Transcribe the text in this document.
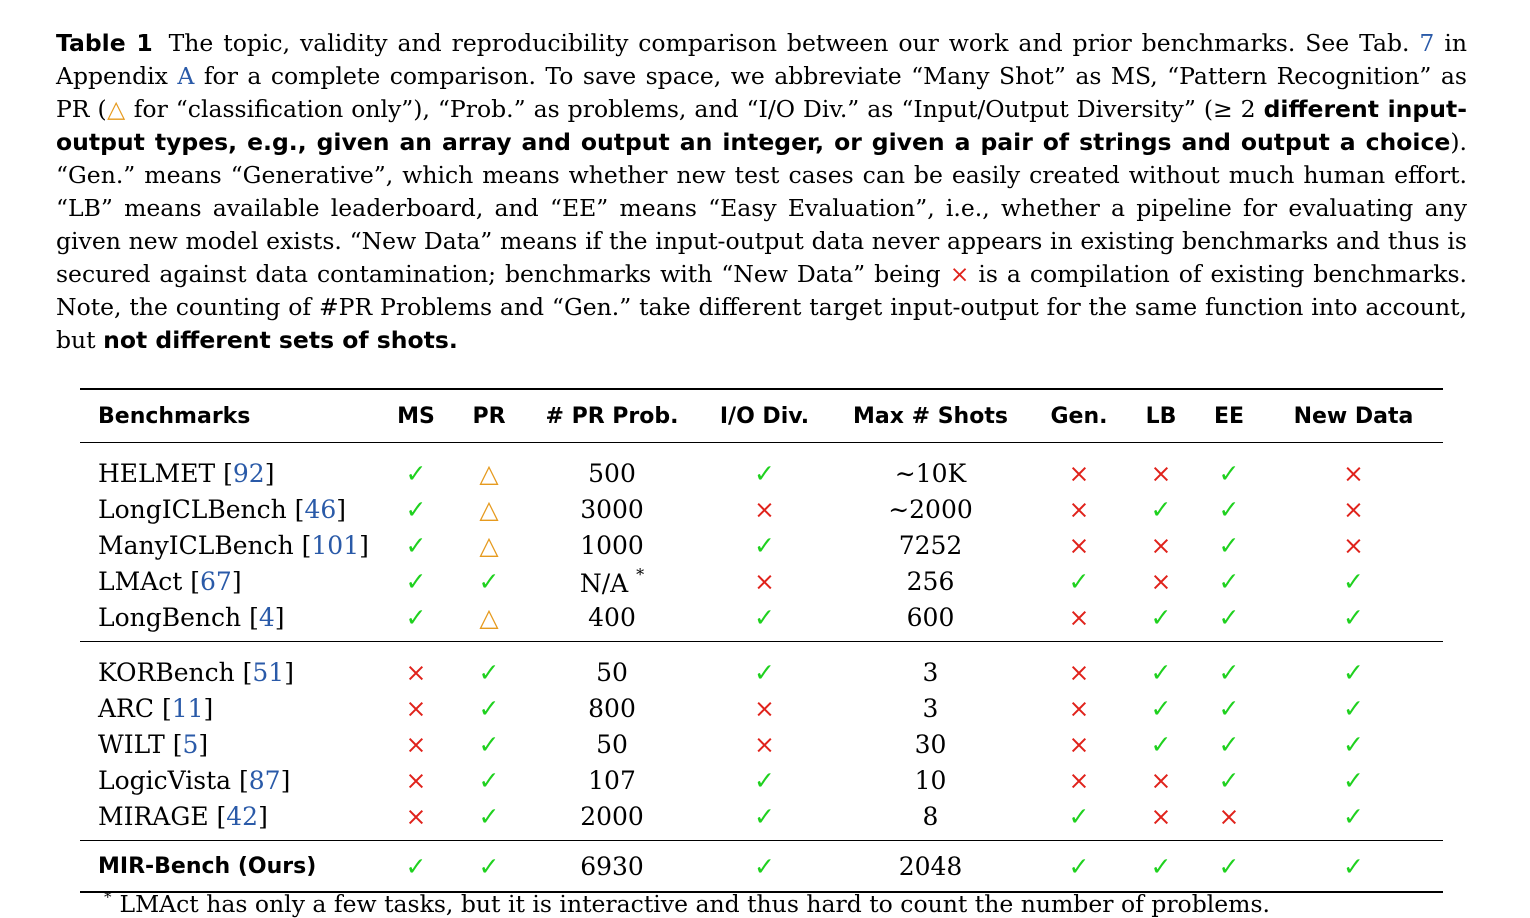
Table 1 The topic, validity and reproducibility comparison between our work and prior benchmarks. See Tab. 7 in Appendix A for a complete comparison. To save space, we abbreviate “Many Shot” as MS, “Pattern Recognition” as PR (△ for “classification only”), “Prob.” as problems, and “I/O Div.” as “Input/Output Diversity” (≥ 2 different input-output types, e.g., given an array and output an integer, or given a pair of strings and output a choice). “Gen.” means “Generative”, which means whether new test cases can be easily created without much human effort. “LB” means available leaderboard, and “EE” means “Easy Evaluation”, i.e., whether a pipeline for evaluating any given new model exists. “New Data” means if the input-output data never appears in existing benchmarks and thus is secured against data contamination; benchmarks with “New Data” being × is a compilation of existing benchmarks. Note, the counting of #PR Problems and “Gen.” take different target input-output for the same function into account, but not different sets of shots.
Benchmarks	MS	PR	# PR Prob.	I/O Div.	Max # Shots	Gen.	LB	EE	New Data
HELMET [92]	✓	△	500	✓	∼10K	×	×	✓	×
LongICLBench [46]	✓	△	3000	×	∼2000	×	✓	✓	×
ManyICLBench [101]	✓	△	1000	✓	7252	×	×	✓	×
LMAct [67]	✓	✓	N/A *	×	256	✓	×	✓	✓
LongBench [4]	✓	△	400	✓	600	×	✓	✓	✓
KORBench [51]	×	✓	50	✓	3	×	✓	✓	✓
ARC [11]	×	✓	800	×	3	×	✓	✓	✓
WILT [5]	×	✓	50	×	30	×	✓	✓	✓
LogicVista [87]	×	✓	107	✓	10	×	×	✓	✓
MIRAGE [42]	×	✓	2000	✓	8	✓	×	×	✓
MIR-Bench (Ours)	✓	✓	6930	✓	2048	✓	✓	✓	✓
* LMAct has only a few tasks, but it is interactive and thus hard to count the number of problems.
